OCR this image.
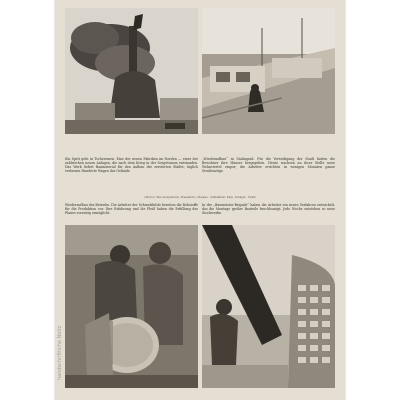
Ein Sprit geht in Tscheremen. Eine der neuen Fabriken im Norden — einer der zahlreichen neuen Anlagen, die nach dem Krieg in der Sowjetunion entstanden. Das Werk liefert Baumaterial für den Aufbau der zerstörten Städte; täglich verlassen Hunderte Wagen das Gelände.

„Wiederaufbau“ in Stalingrad. Für die Verteidigung der Stadt hatten die Bewohner ihre Häuser hergegeben. Heute wachsen an ihrer Stelle neue Wohnviertel empor; die Arbeiter errichten in wenigen Monaten ganze Straßenzüge.

(Photos: Tass-Sowjetunion, Pressebüro, Moskau · Aufnahmen: Karp, Schagin · 1949)

Wiederaufbau des Betriebs. Die Arbeiter der Schmelzhütte bereiten die Rohstoffe für die Produktion vor. Ihre Erfahrung und ihr Fleiß haben die Erfüllung des Planes vorzeitig ermöglicht.

In der „Baumeister-Brigade“ haben die Arbeiter ein neues Verfahren entwickelt, das die Montage großer Bauteile beschleunigt. Jede Woche entstehen so neue Stockwerke.

handschriftliche Notiz
